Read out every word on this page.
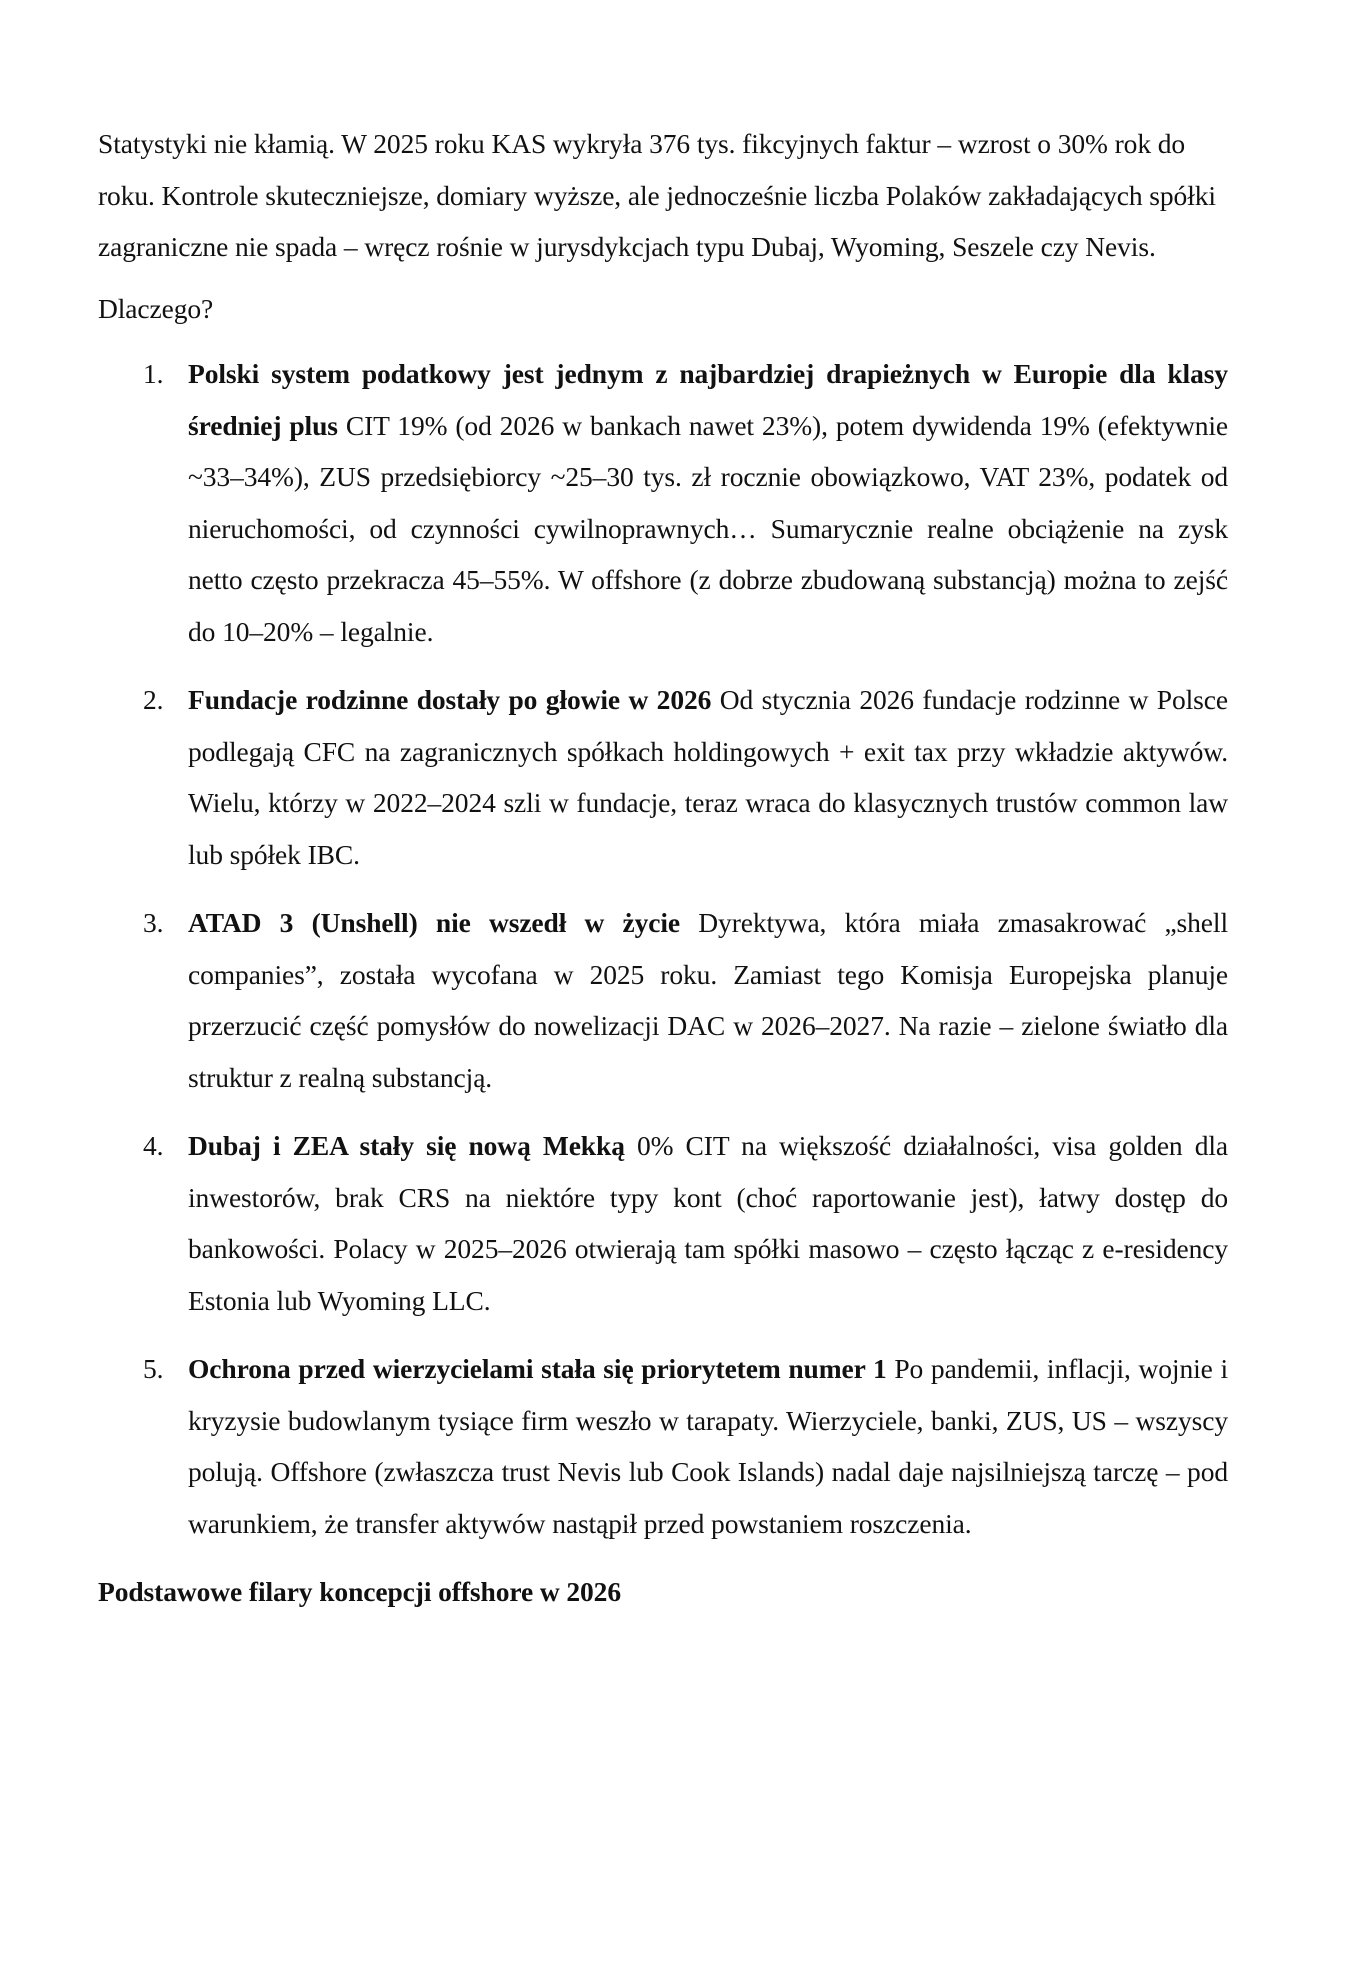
Statystyki nie kłamią. W 2025 roku KAS wykryła 376 tys. fikcyjnych faktur – wzrost o 30% rok do roku. Kontrole skuteczniejsze, domiary wyższe, ale jednocześnie liczba Polaków zakładających spółki zagraniczne nie spada – wręcz rośnie w jurysdykcjach typu Dubaj, Wyoming, Seszele czy Nevis.

Dlaczego?

1. Polski system podatkowy jest jednym z najbardziej drapieżnych w Europie dla klasy średniej plus CIT 19% (od 2026 w bankach nawet 23%), potem dywidenda 19% (efektywnie ~33–34%), ZUS przedsiębiorcy ~25–30 tys. zł rocznie obowiązkowo, VAT 23%, podatek od nieruchomości, od czynności cywilnoprawnych… Sumarycznie realne obciążenie na zysk netto często przekracza 45–55%. W offshore (z dobrze zbudowaną substancją) można to zejść do 10–20% – legalnie.
2. Fundacje rodzinne dostały po głowie w 2026 Od stycznia 2026 fundacje rodzinne w Polsce podlegają CFC na zagranicznych spółkach holdingowych + exit tax przy wkładzie aktywów. Wielu, którzy w 2022–2024 szli w fundacje, teraz wraca do klasycznych trustów common law lub spółek IBC.
3. ATAD 3 (Unshell) nie wszedł w życie Dyrektywa, która miała zmasakrować „shell companies”, została wycofana w 2025 roku. Zamiast tego Komisja Europejska planuje przerzucić część pomysłów do nowelizacji DAC w 2026–2027. Na razie – zielone światło dla struktur z realną substancją.
4. Dubaj i ZEA stały się nową Mekką 0% CIT na większość działalności, visa golden dla inwestorów, brak CRS na niektóre typy kont (choć raportowanie jest), łatwy dostęp do bankowości. Polacy w 2025–2026 otwierają tam spółki masowo – często łącząc z e-residency Estonia lub Wyoming LLC.
5. Ochrona przed wierzycielami stała się priorytetem numer 1 Po pandemii, inflacji, wojnie i kryzysie budowlanym tysiące firm weszło w tarapaty. Wierzyciele, banki, ZUS, US – wszyscy polują. Offshore (zwłaszcza trust Nevis lub Cook Islands) nadal daje najsilniejszą tarczę – pod warunkiem, że transfer aktywów nastąpił przed powstaniem roszczenia.

Podstawowe filary koncepcji offshore w 2026
